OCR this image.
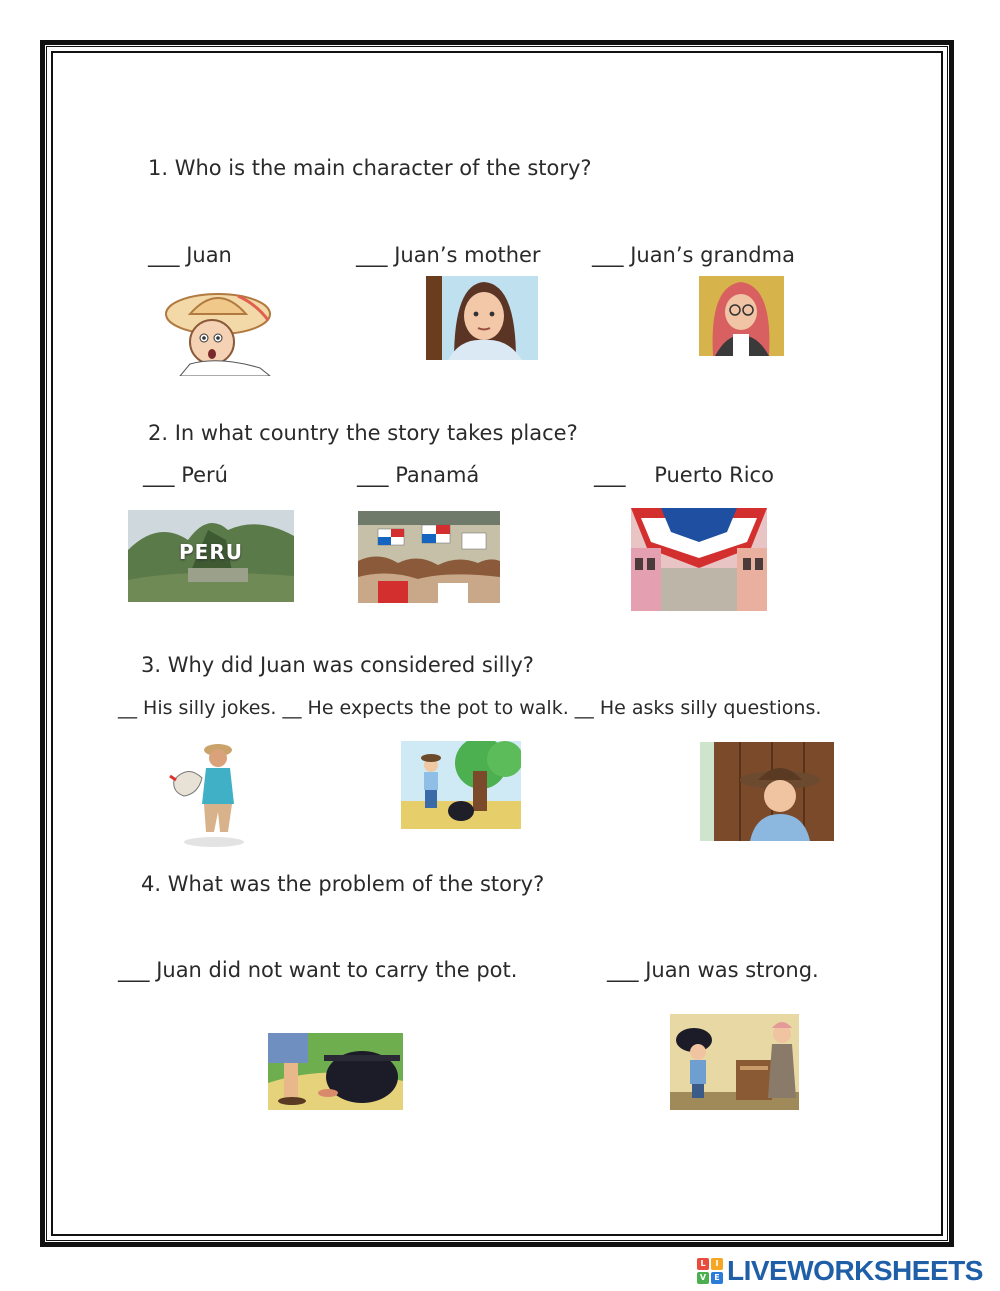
1. Who is the main character of the story?
___ Juan	___ Juan’s mother ___ Juan’s grandma
2. In what country the story takes place?
___ Perú	___ Panamá	___ Puerto Rico
PERU
3. Why did Juan was considered silly?
__ His silly jokes. __ He expects the pot to walk. __ He asks silly questions.
4. What was the problem of the story?
___ Juan did not want to carry the pot.	___ Juan was strong.
L	I
V	E LIVEWORKSHEETS
